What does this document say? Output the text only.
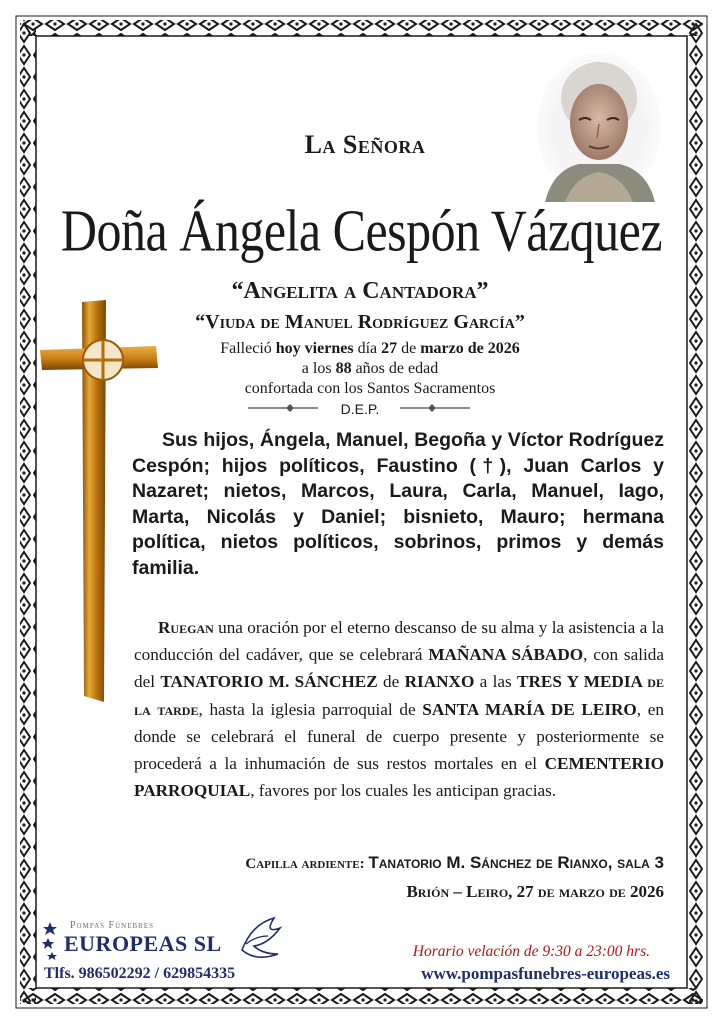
La Señora
Doña Ángela Cespón Vázquez
“Angelita a Cantadora”
“Viuda de Manuel Rodríguez García”
Falleció hoy viernes día 27 de marzo de 2026
a los 88 años de edad
confortada con los Santos Sacramentos
D.E.P.
Sus hijos, Ángela, Manuel, Begoña y Víctor Rodríguez Cespón; hijos políticos, Faustino (†), Juan Carlos y Nazaret; nietos, Marcos, Laura, Carla, Manuel, Iago, Marta, Nicolás y Daniel; bisnieto, Mauro; hermana política, nietos políticos, sobrinos, primos y demás familia.
Ruegan una oración por el eterno descanso de su alma y la asistencia a la conducción del cadáver, que se celebrará MAÑANA SÁBADO, con salida del TANATORIO M. SÁNCHEZ de RIANXO a las TRES Y MEDIA de la tarde, hasta la iglesia parroquial de SANTA MARÍA DE LEIRO, en donde se celebrará el funeral de cuerpo presente y posteriormente se procederá a la inhumación de sus restos mortales en el CEMENTERIO PARROQUIAL, favores por los cuales les anticipan gracias.
Capilla ardiente: Tanatorio M. Sánchez de Rianxo, sala 3
Brión – Leiro, 27 de marzo de 2026
Pompas Fúnebres
EUROPEAS SL
Tlfs. 986502292 / 629854335
Horario velación de 9:30 a 23:00 hrs.
www.pompasfunebres-europeas.es
